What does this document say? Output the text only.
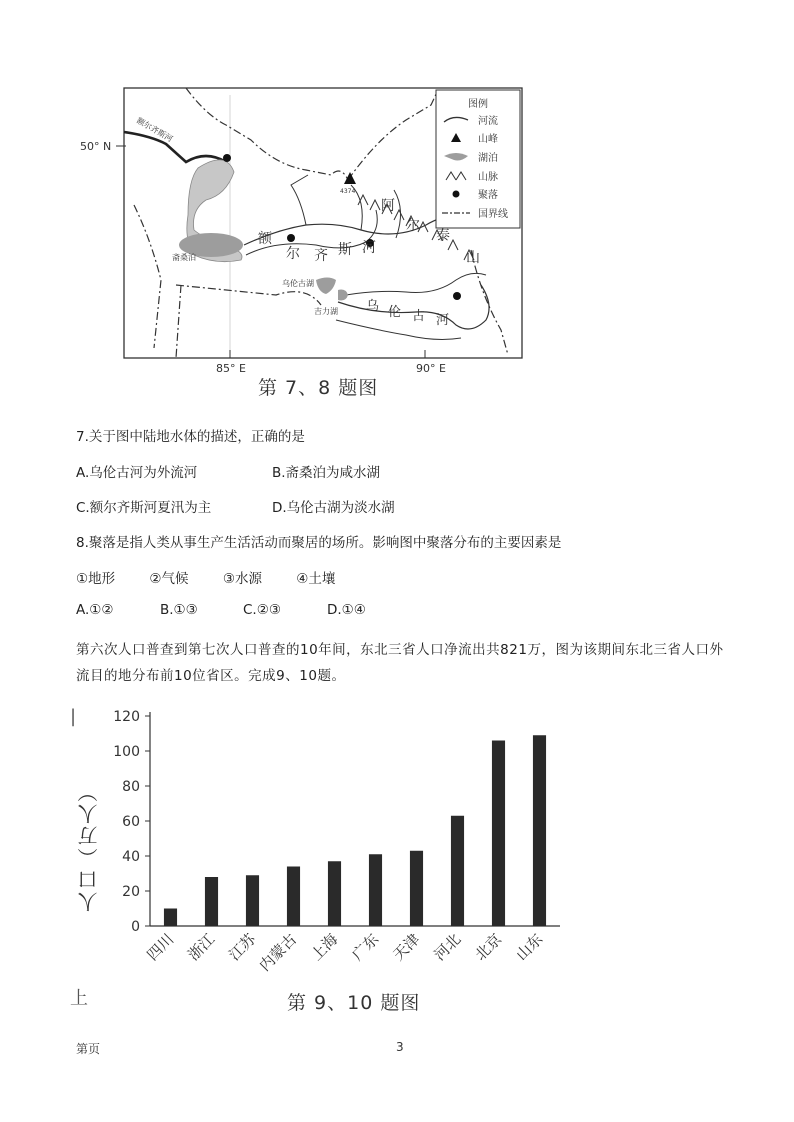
50° N
85° E	90° E
4374
额尔齐斯河
额
尔 齐 斯 河
乌 伦 古 河
阿
尔
泰
山
斋桑泊
乌伦古湖
吉力湖
图例
河流
山峰
湖泊
山脉
聚落
国界线
第 7、8 题图
7.关于图中陆地水体的描述，正确的是
A.乌伦古河为外流河	B.斋桑泊为咸水湖
C.额尔齐斯河夏汛为主	D.乌伦古湖为淡水湖
8.聚落是指人类从事生产生活活动而聚居的场所。影响图中聚落分布的主要因素是
①地形        ②气候        ③水源        ④土壤
A.①②	B.①③	C.②③	D.①④
第六次人口普查到第七次人口普查的10年间，东北三省人口净流出共821万，图为该期间东北三省人口外
流目的地分布前10位省区。完成9、10题。
|
人口（万人）
0
20
40
60
80
100
120
四川 浙江 江苏
内蒙古 上海 广东 天津 河北 北京 山东
上	第 9、10 题图
第页	3
